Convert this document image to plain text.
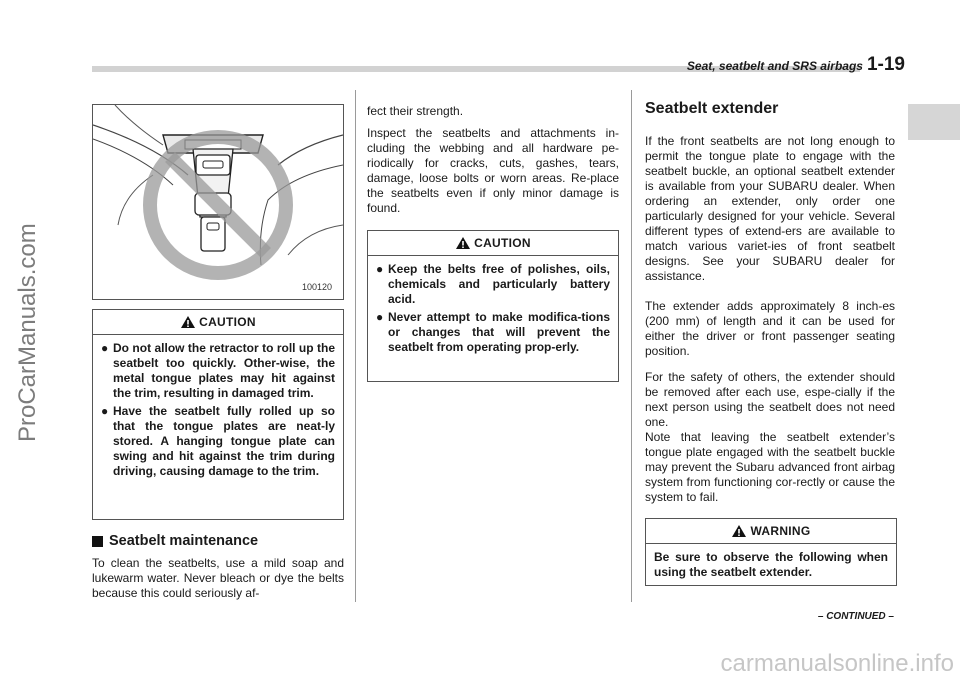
Seat, seatbelt and SRS airbags 1-19
ProCarManuals.com
carmanualsonline.info
100120
CAUTION
● Do not allow the retractor to roll up the seatbelt too quickly. Other-wise, the metal tongue plates may hit against the trim, resulting in damaged trim.
● Have the seatbelt fully rolled up so that the tongue plates are neat-ly stored. A hanging tongue plate can swing and hit against the trim during driving, causing damage to the trim.
Seatbelt maintenance
To clean the seatbelts, use a mild soap and lukewarm water. Never bleach or dye the belts because this could seriously af-
fect their strength.
Inspect the seatbelts and attachments in-cluding the webbing and all hardware pe-riodically for cracks, cuts, gashes, tears, damage, loose bolts or worn areas. Re-place the seatbelts even if only minor damage is found.
CAUTION
● Keep the belts free of polishes, oils, chemicals and particularly battery acid.
● Never attempt to make modifica-tions or changes that will prevent the seatbelt from operating prop-erly.
Seatbelt extender
If the front seatbelts are not long enough to permit the tongue plate to engage with the seatbelt buckle, an optional seatbelt extender is available from your SUBARU dealer. When ordering an extender, only order one particularly designed for your vehicle. Several different types of extend-ers are available to match various variet-ies of front seatbelt designs. See your SUBARU dealer for assistance.
The extender adds approximately 8 inch-es (200 mm) of length and it can be used for either the driver or front passenger seating position.
For the safety of others, the extender should be removed after each use, espe-cially if the next person using the seatbelt does not need one.
Note that leaving the seatbelt extender’s tongue plate engaged with the seatbelt buckle may prevent the Subaru advanced front airbag system from functioning cor-rectly or cause the system to fail.
WARNING
Be sure to observe the following when using the seatbelt extender.
– CONTINUED –
